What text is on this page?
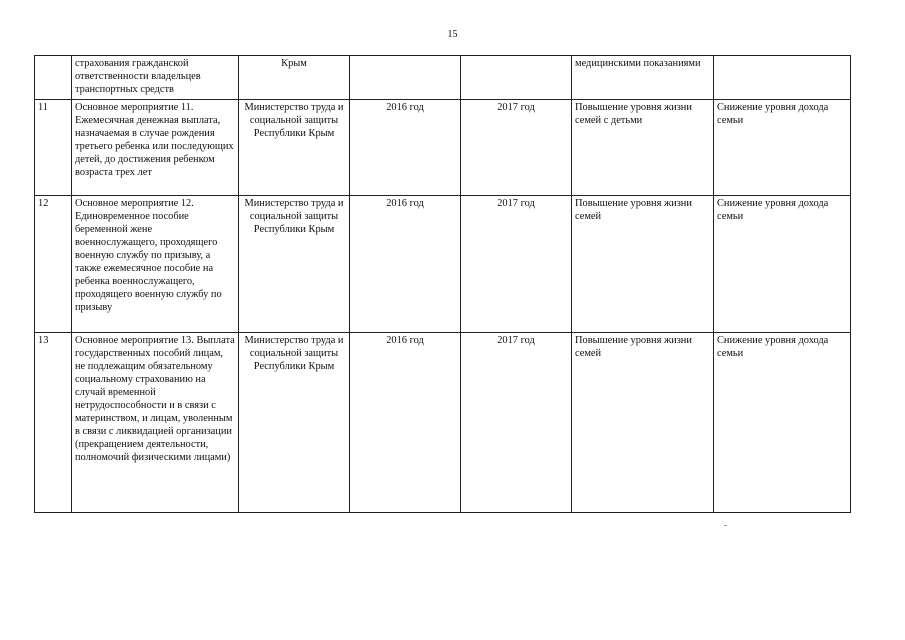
15
	страхования гражданской ответственности владельцев транспортных средств	Крым			медицинскими показаниями	
11	Основное мероприятие 11. Ежемесячная денежная выплата, назначаемая в случае рождения третьего ребенка или последующих детей, до достижения ребенком возраста трех лет	Министерство труда и социальной защиты Республики Крым	2016 год	2017 год	Повышение уровня жизни семей с детьми	Снижение уровня дохода семьи
12	Основное мероприятие 12. Единовременное пособие беременной жене военнослужащего, проходящего военную службу по призыву, а также ежемесячное пособие на ребенка военнослужащего, проходящего военную службу по призыву	Министерство труда и социальной защиты Республики Крым	2016 год	2017 год	Повышение уровня жизни семей	Снижение уровня дохода семьи
13	Основное мероприятие 13. Выплата государственных пособий лицам, не подлежащим обязательному социальному страхованию на случай временной нетрудоспособности и в связи с материнством, и лицам, уволенным в связи с ликвидацией организации (прекращением деятельности, полномочий физическими лицами)	Министерство труда и социальной защиты Республики Крым	2016 год	2017 год	Повышение уровня жизни семей	Снижение уровня дохода семьи
